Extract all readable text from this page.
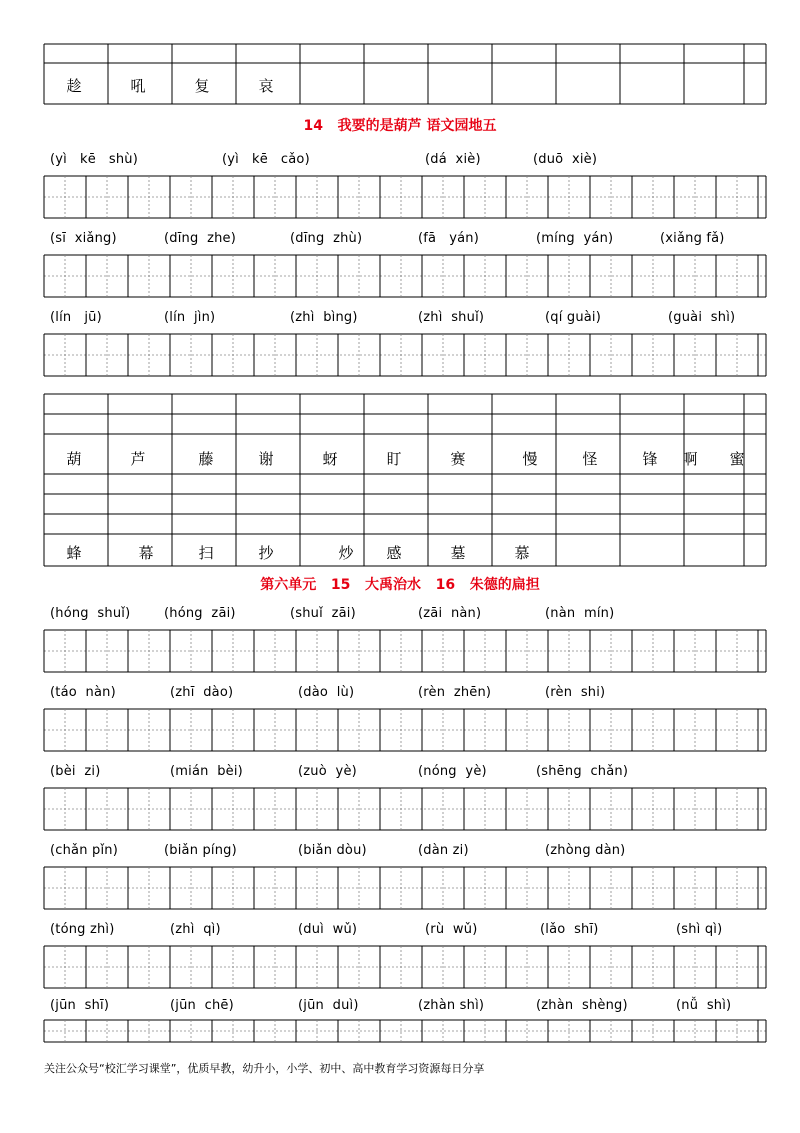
趁	吼	复	哀
14   我要的是葫芦 语文园地五
(yì   kē   shù)	(yì   kē   cǎo)	(dá  xiè)	(duō  xiè)
(sī  xiǎng)	(dīng  zhe)	(dīng  zhù)	(fā   yán)	(míng  yán)	(xiǎng fǎ)
(lín   jū)	(lín  jìn)	(zhì  bìng)	(zhì  shuǐ)	(qí guài)	(guài  shì)
葫	芦	藤	谢	蚜	盯	赛	慢	怪	锋	啊	蜜
蜂	幕	扫	抄	炒	感	墓	慕
第六单元   15   大禹治水   16   朱德的扁担
(hóng  shuǐ)	(hóng  zāi)	(shuǐ  zāi)	(zāi  nàn)	(nàn  mín)
(táo  nàn)	(zhī  dào)	(dào  lù)	(rèn  zhēn)	(rèn  shi)
(bèi  zi)	(mián  bèi)	(zuò  yè)	(nóng  yè)	(shēng  chǎn)
(chǎn pǐn)	(biǎn píng)	(biǎn dòu)	(dàn zi)	(zhòng dàn)
(tóng zhì)	(zhì  qì)	(duì  wǔ)	(rù  wǔ)	(lǎo  shī)	(shì qì)
(jūn  shī)	(jūn  chē)	(jūn  duì)	(zhàn shì)	(zhàn  shèng)	(nǚ  shì)
关注公众号“校汇学习课堂”，优质早教，幼升小，小学、初中、高中教育学习资源每日分享
